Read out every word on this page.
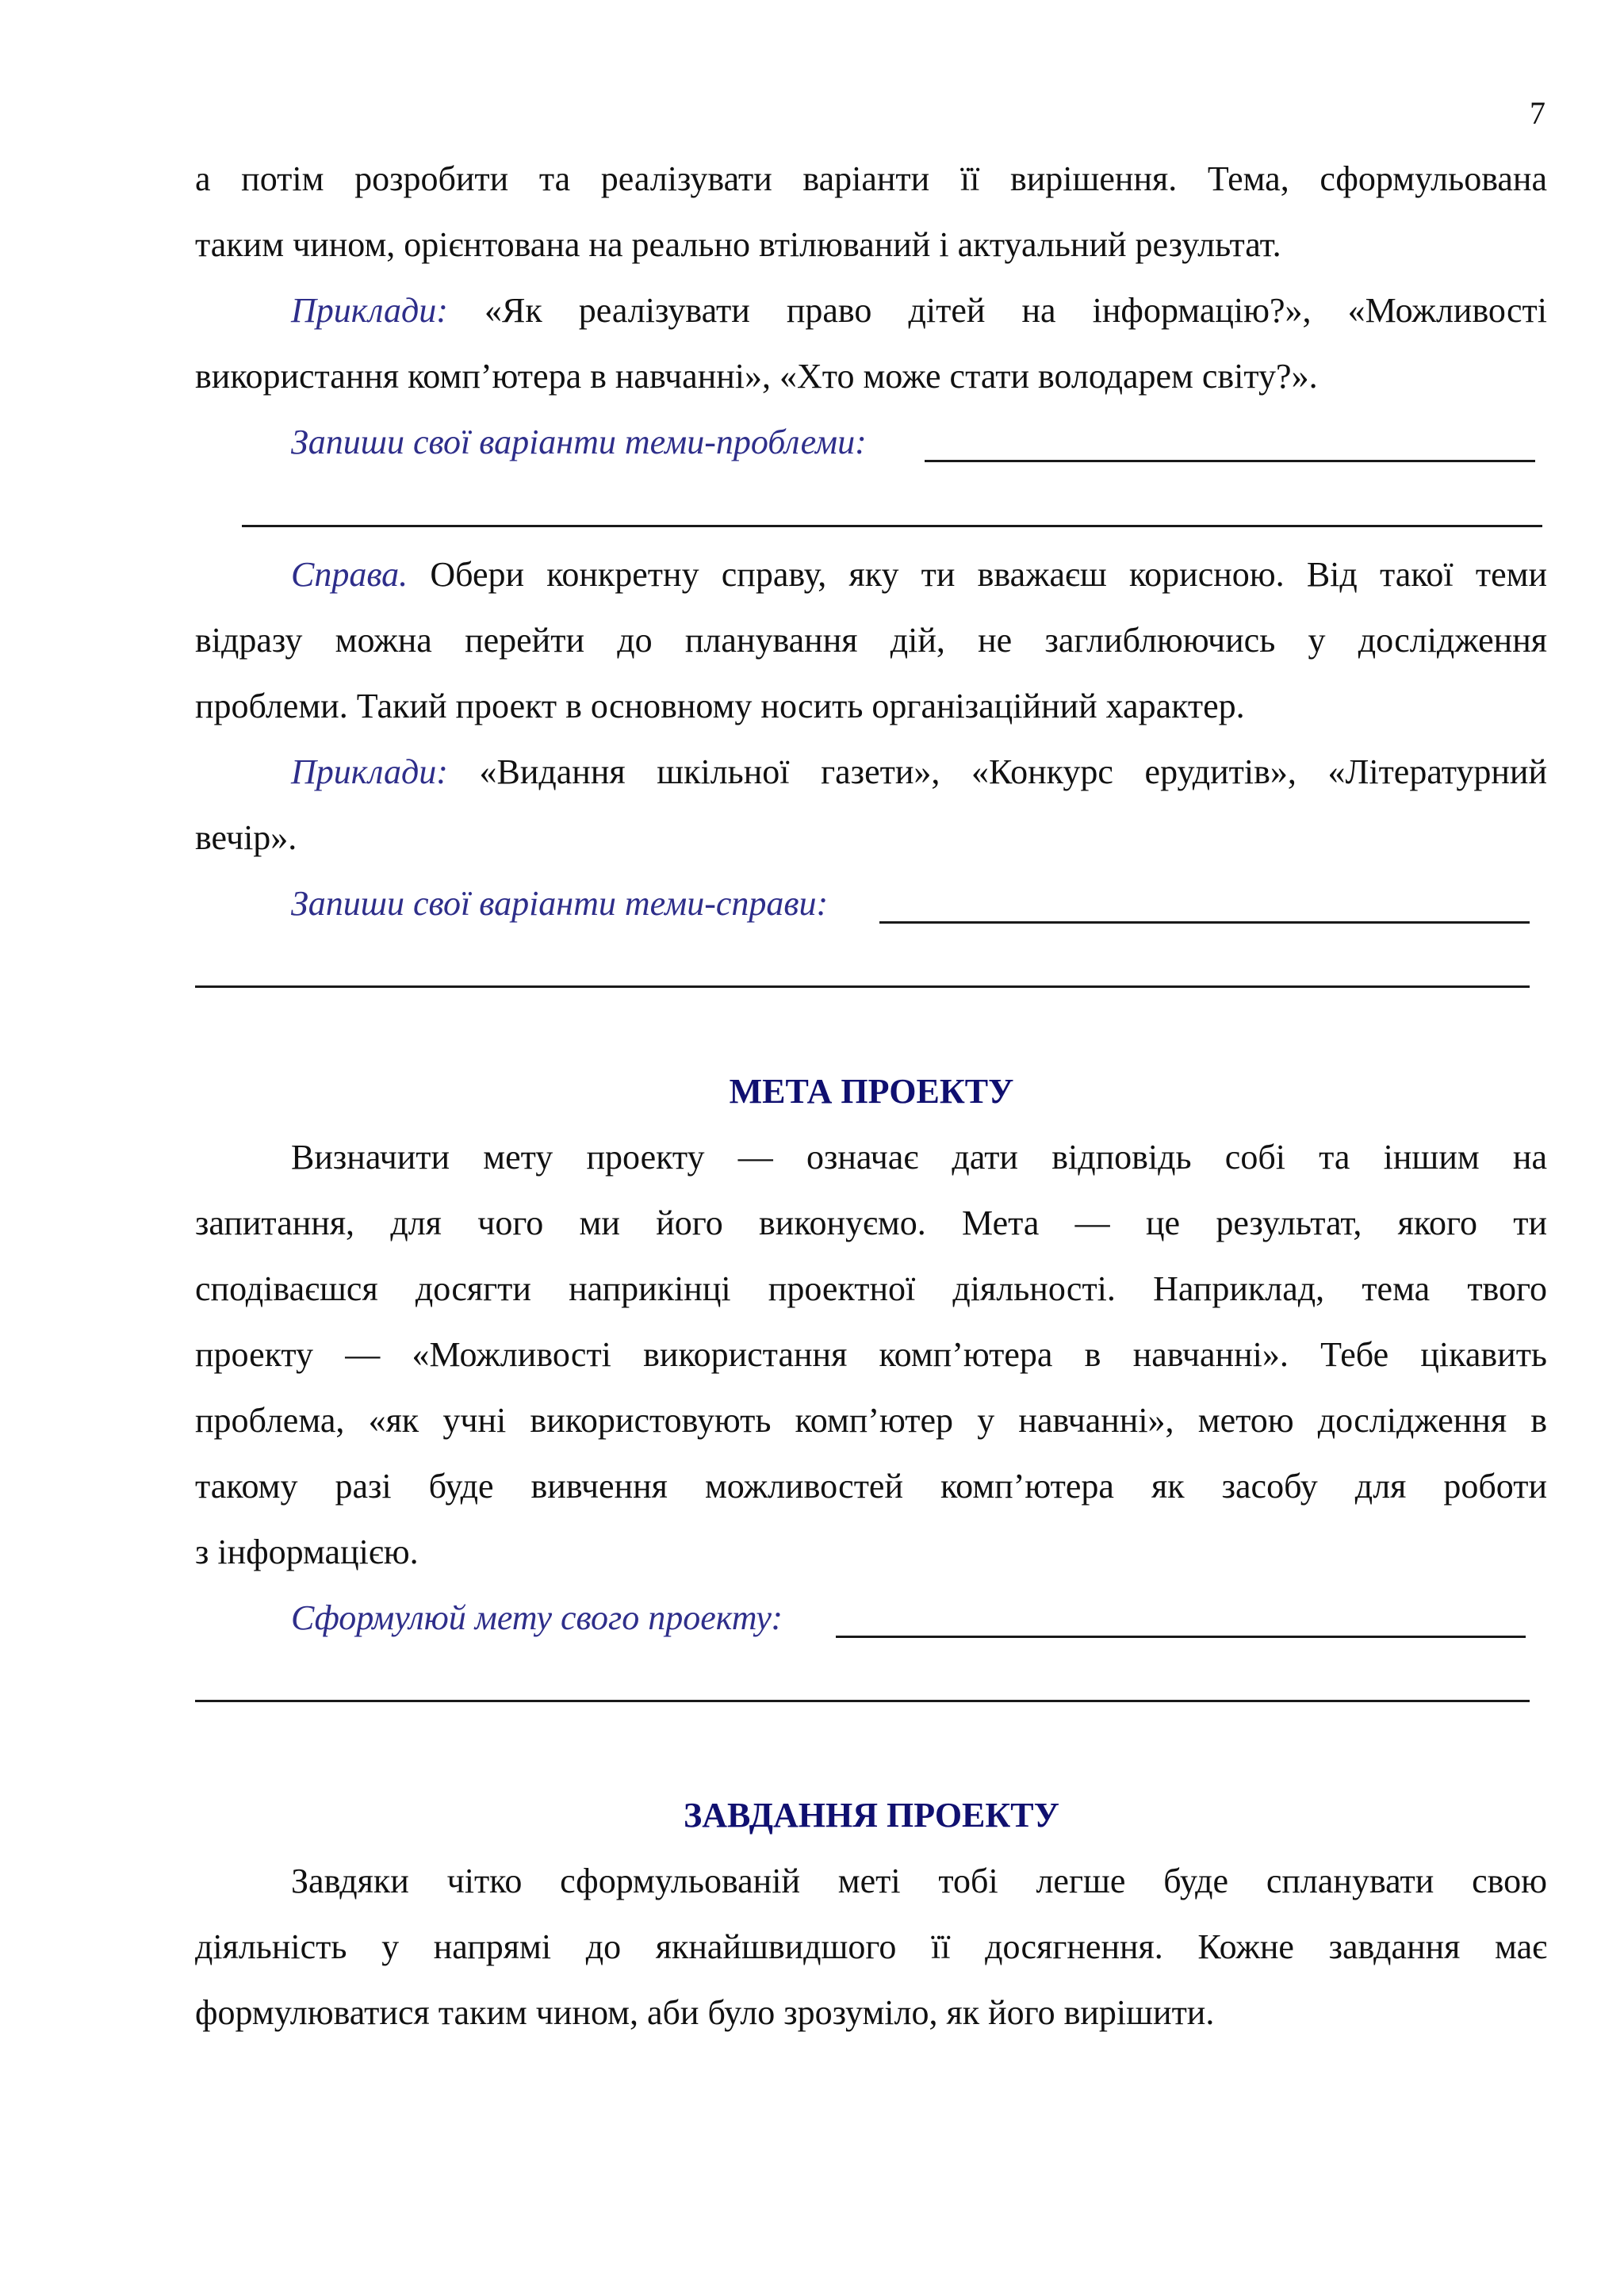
7
а потім розробити та реалізувати варіанти її вирішення. Тема, сформульована
таким чином, орієнтована на реально втілюваний і актуальний результат.
Приклади: «Як реалізувати право дітей на інформацію?», «Можливості
використання комп’ютера в навчанні», «Хто може стати володарем світу?».
Запиши свої варіанти теми-проблеми:
Справа. Обери конкретну справу, яку ти вважаєш корисною. Від такої теми
відразу можна перейти до планування дій, не заглиблюючись у дослідження
проблеми. Такий проект в основному носить організаційний характер.
Приклади: «Видання шкільної газети», «Конкурс ерудитів», «Літературний
вечір».
Запиши свої варіанти теми-справи:
МЕТА ПРОЕКТУ
Визначити мету проекту — означає дати відповідь собі та іншим на
запитання, для чого ми його виконуємо. Мета — це результат, якого ти
сподіваєшся досягти наприкінці проектної діяльності. Наприклад, тема твого
проекту — «Можливості використання комп’ютера в навчанні». Тебе цікавить
проблема, «як учні використовують комп’ютер у навчанні», метою дослідження в
такому разі буде вивчення можливостей комп’ютера як засобу для роботи
з інформацією.
Сформулюй мету свого проекту:
ЗАВДАННЯ ПРОЕКТУ
Завдяки чітко сформульованій меті тобі легше буде спланувати свою
діяльність у напрямі до якнайшвидшого її досягнення. Кожне завдання має
формулюватися таким чином, аби було зрозуміло, як його вирішити.
